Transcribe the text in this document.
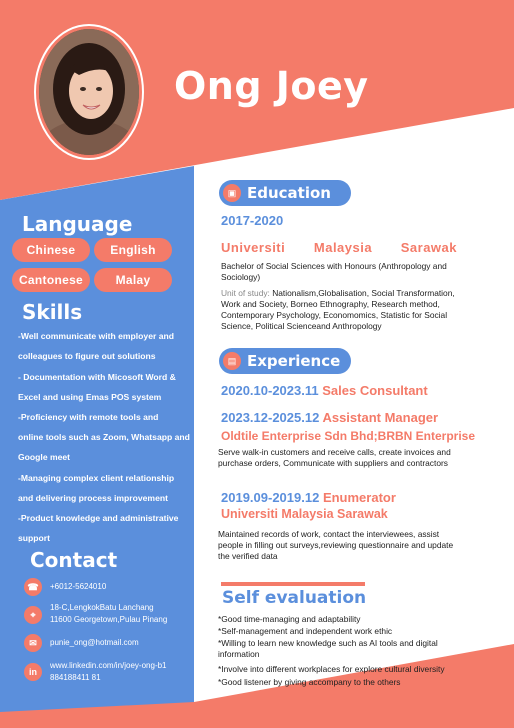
Ong Joey
Language
Chinese	English
Cantonese	Malay
Skills
-Well communicate with employer and
colleagues to figure out solutions
- Documentation with Micosoft Word &
Excel and using Emas POS system
-Proficiency with remote tools and
online tools such as Zoom, Whatsapp and
Google meet
-Managing complex client relationship
and delivering process improvement
-Product knowledge and administrative
support
Contact
☎	+6012-5624010
⌖
18-C,LengkokBatu Lanchang
11600 Georgetown,Pulau Pinang
✉	punie_ong@hotmail.com
in
www.linkedin.com/in/joey-ong-b1
884188411 81
▣ Education
2017-2020
Universiti Malaysia Sarawak
Bachelor of Social Sciences with Honours (Anthropology and
Sociology)
Unit of study: Nationalism,Globalisation, Social Transformation,
Work and Society, Borneo Ethnography, Research method,
Contemporary Psychology, Economomics, Statistic for Social
Science, Political Scienceand Anthropology
▤ Experience
2020.10-2023.11 Sales Consultant
2023.12-2025.12 Assistant Manager
Oldtile Enterprise Sdn Bhd;BRBN Enterprise
Serve walk-in customers and receive calls, create invoices and
purchase orders, Communicate with suppliers and contractors
2019.09-2019.12 Enumerator
Universiti Malaysia Sarawak
Maintained records of work, contact the interviewees, assist
people in filling out surveys,reviewing questionnaire and update
the verified data
Self evaluation
*Good time-managing and adaptability
*Self-management and independent work ethic
*Willing to learn new knowledge such as AI tools and digital
information
*Involve into different workplaces for explore cultural diversity
*Good listener by giving accompany to the others
